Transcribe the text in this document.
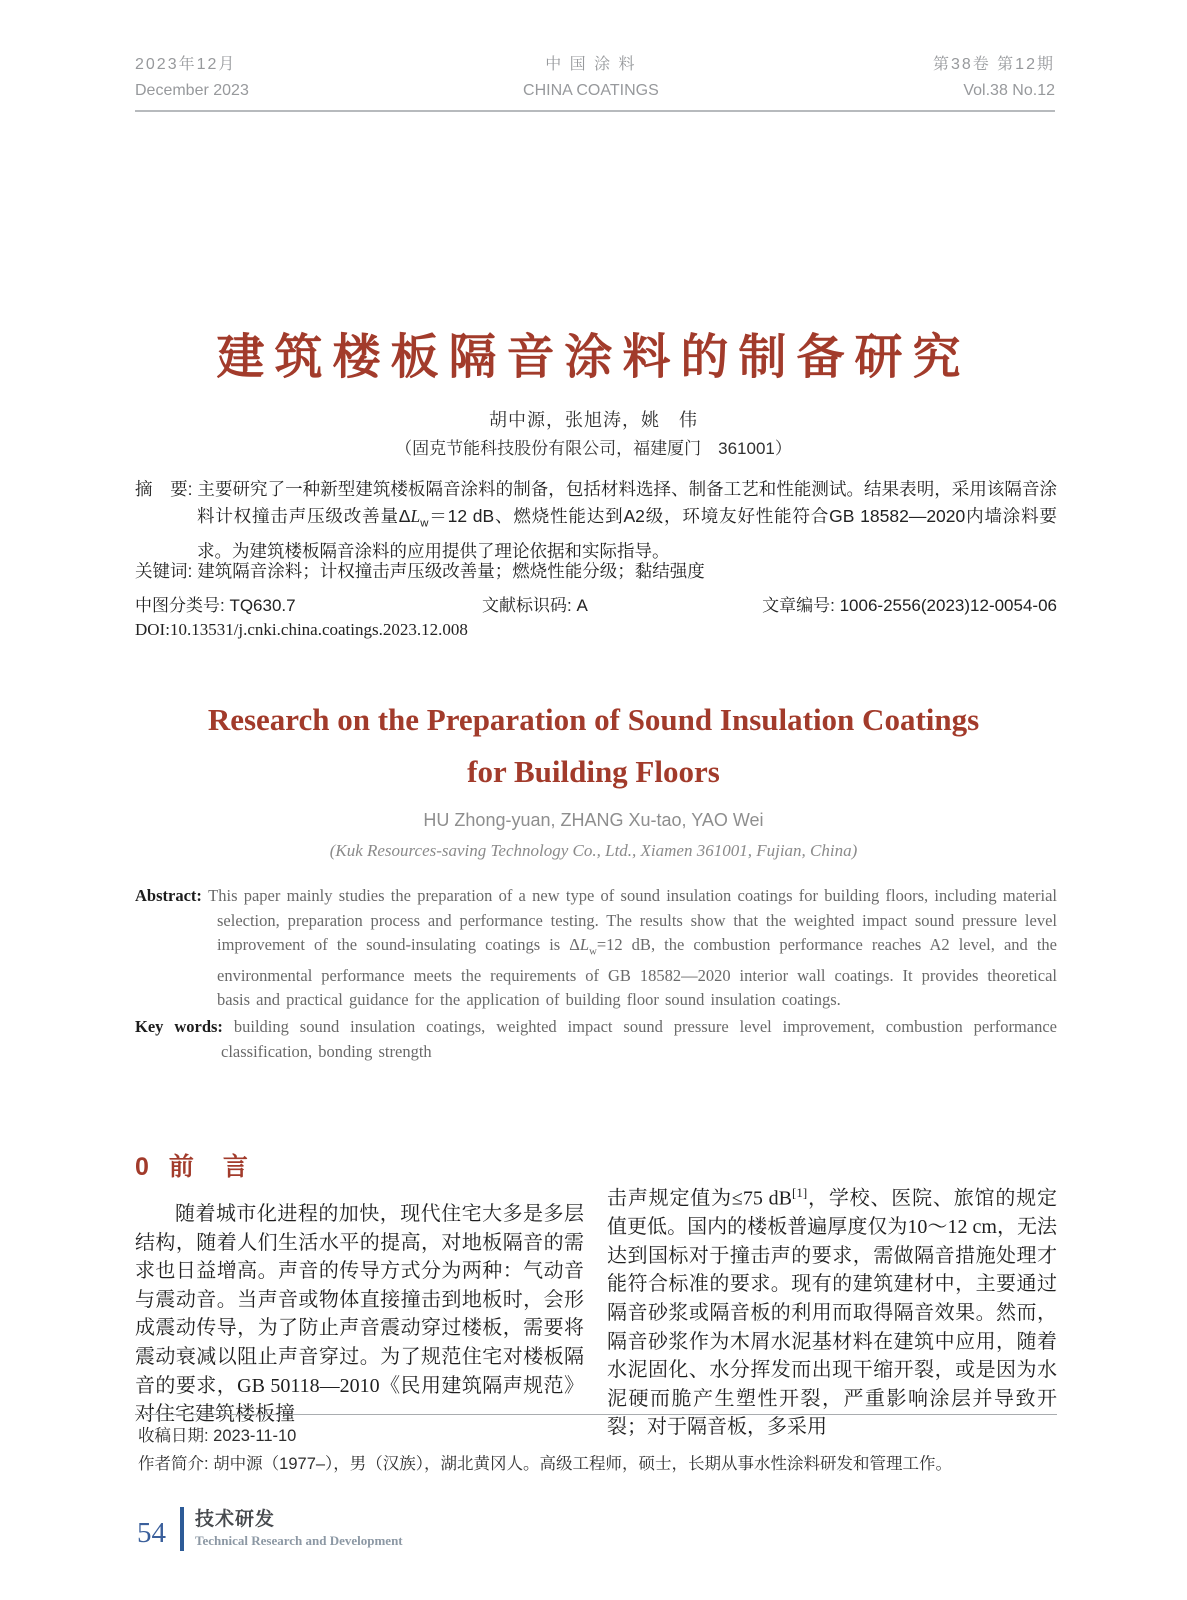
2023年12月
December 2023
中 国 涂 料
CHINA COATINGS
第38卷 第12期
Vol.38 No.12
建筑楼板隔音涂料的制备研究
胡中源，张旭涛，姚　伟
（固克节能科技股份有限公司，福建厦门　361001）
摘　要: 主要研究了一种新型建筑楼板隔音涂料的制备，包括材料选择、制备工艺和性能测试。结果表明，采用该隔音涂料计权撞击声压级改善量$\Delta L_w=12$ dB、燃烧性能达到A2级，环境友好性能符合GB 18582—2020内墙涂料要求。为建筑楼板隔音涂料的应用提供了理论依据和实际指导。
关键词: 建筑隔音涂料；计权撞击声压级改善量；燃烧性能分级；黏结强度
中图分类号: TQ630.7	文献标识码: A	文章编号: 1006-2556(2023)12-0054-06
DOI:10.13531/j.cnki.china.coatings.2023.12.008
Research on the Preparation of Sound Insulation Coatings
for Building Floors
HU Zhong-yuan, ZHANG Xu-tao, YAO Wei
(Kuk Resources-saving Technology Co., Ltd., Xiamen 361001, Fujian, China)
Abstract: This paper mainly studies the preparation of a new type of sound insulation coatings for building floors, including material selection, preparation process and performance testing. The results show that the weighted impact sound pressure level improvement of the sound-insulating coatings is $\Delta L_w=12$ dB, the combustion performance reaches A2 level, and the environmental performance meets the requirements of GB 18582—2020 interior wall coatings. It provides theoretical basis and practical guidance for the application of building floor sound insulation coatings.
Key words: building sound insulation coatings, weighted impact sound pressure level improvement, combustion performance classification, bonding strength
0 前　言

随着城市化进程的加快，现代住宅大多是多层结构，随着人们生活水平的提高，对地板隔音的需求也日益增高。声音的传导方式分为两种：气动音与震动音。当声音或物体直接撞击到地板时，会形成震动传导，为了防止声音震动穿过楼板，需要将震动衰减以阻止声音穿过。为了规范住宅对楼板隔音的要求，GB 50118—2010《民用建筑隔声规范》对住宅建筑楼板撞

击声规定值为≤75 dB[1]，学校、医院、旅馆的规定值更低。国内的楼板普遍厚度仅为10～12 cm，无法达到国标对于撞击声的要求，需做隔音措施处理才能符合标准的要求。现有的建筑建材中，主要通过隔音砂浆或隔音板的利用而取得隔音效果。然而，隔音砂浆作为木屑水泥基材料在建筑中应用，随着水泥固化、水分挥发而出现干缩开裂，或是因为水泥硬而脆产生塑性开裂，严重影响涂层并导致开裂；对于隔音板，多采用

收稿日期: 2023-11-10
作者简介: 胡中源（1977–），男（汉族），湖北黄冈人。高级工程师，硕士，长期从事水性涂料研发和管理工作。
54 技术研发
Technical Research and Development
